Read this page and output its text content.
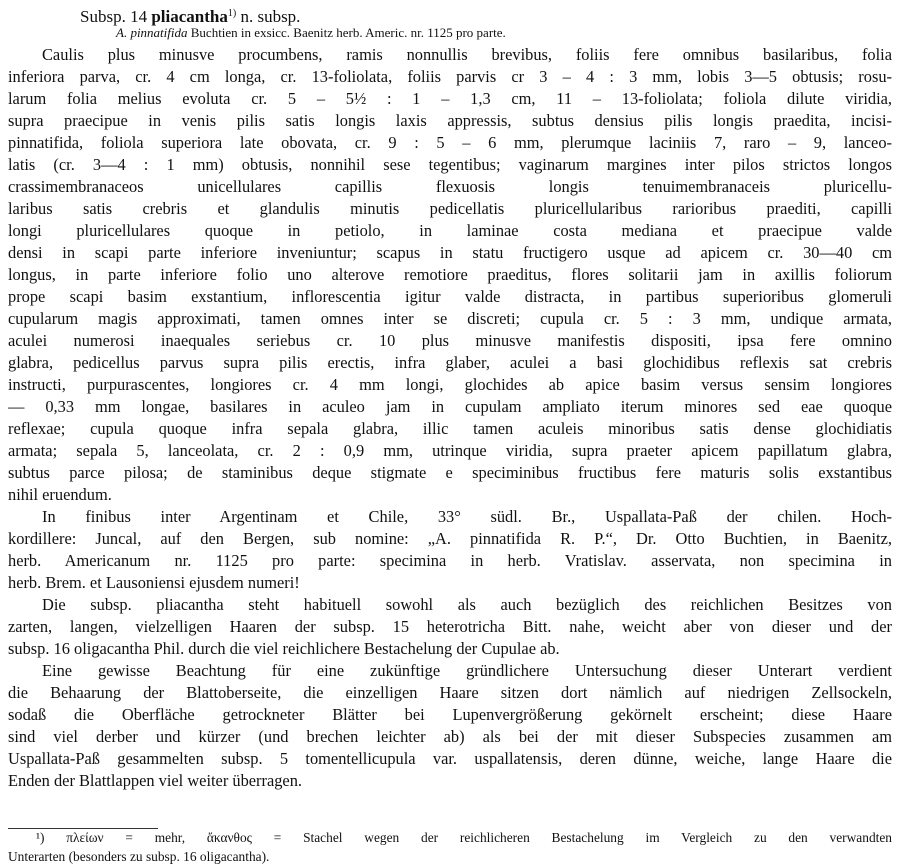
Subsp. 14 pliacantha$^{1)}$ n. subsp.
A. pinnatifida Buchtien in exsicc. Baenitz herb. Americ. nr. 1125 pro parte.
Caulis plus minusve procumbens, ramis nonnullis brevibus, foliis fere omnibus basilaribus, folia
inferiora parva, cr. 4 cm longa, cr. 13-foliolata, foliis parvis cr 3 – 4 : 3 mm, lobis 3—5 obtusis; rosu-
larum folia melius evoluta cr. 5 – 5½ : 1 – 1,3 cm, 11 – 13-foliolata; foliola dilute viridia,
supra praecipue in venis pilis satis longis laxis appressis, subtus densius pilis longis praedita, incisi-
pinnatifida, foliola superiora late obovata, cr. 9 : 5 – 6 mm, plerumque laciniis 7, raro – 9, lanceo-
latis (cr. 3—4 : 1 mm) obtusis, nonnihil sese tegentibus; vaginarum margines inter pilos strictos longos
crassimembranaceos unicellulares capillis flexuosis longis tenuimembranaceis pluricellu-
laribus satis crebris et glandulis minutis pedicellatis pluricellularibus rarioribus praediti, capilli
longi pluricellulares quoque in petiolo, in laminae costa mediana et praecipue valde
densi in scapi parte inferiore inveniuntur; scapus in statu fructigero usque ad apicem cr. 30—40 cm
longus, in parte inferiore folio uno alterove remotiore praeditus, flores solitarii jam in axillis foliorum
prope scapi basim exstantium, inflorescentia igitur valde distracta, in partibus superioribus glomeruli
cupularum magis approximati, tamen omnes inter se discreti; cupula cr. 5 : 3 mm, undique armata,
aculei numerosi inaequales seriebus cr. 10 plus minusve manifestis dispositi, ipsa fere omnino
glabra, pedicellus parvus supra pilis erectis, infra glaber, aculei a basi glochidibus reflexis sat crebris
instructi, purpurascentes, longiores cr. 4 mm longi, glochides ab apice basim versus sensim longiores
— 0,33 mm longae, basilares in aculeo jam in cupulam ampliato iterum minores sed eae quoque
reflexae; cupula quoque infra sepala glabra, illic tamen aculeis minoribus satis dense glochidiatis
armata; sepala 5, lanceolata, cr. 2 : 0,9 mm, utrinque viridia, supra praeter apicem papillatum glabra,
subtus parce pilosa; de staminibus deque stigmate e speciminibus fructibus fere maturis solis exstantibus
nihil eruendum.
In finibus inter Argentinam et Chile, 33° südl. Br., Uspallata-Paß der chilen. Hoch-
kordillere: Juncal, auf den Bergen, sub nomine: „A. pinnatifida R. P.“, Dr. Otto Buchtien, in Baenitz,
herb. Americanum nr. 1125 pro parte: specimina in herb. Vratislav. asservata, non specimina in
herb. Brem. et Lausoniensi ejusdem numeri!
Die subsp. pliacantha steht habituell sowohl als auch bezüglich des reichlichen Besitzes von
zarten, langen, vielzelligen Haaren der subsp. 15 heterotricha Bitt. nahe, weicht aber von dieser und der
subsp. 16 oligacantha Phil. durch die viel reichlichere Bestachelung der Cupulae ab.
Eine gewisse Beachtung für eine zukünftige gründlichere Untersuchung dieser Unterart verdient
die Behaarung der Blattoberseite, die einzelligen Haare sitzen dort nämlich auf niedrigen Zellsockeln,
sodaß die Oberfläche getrockneter Blätter bei Lupenvergrößerung gekörnelt erscheint; diese Haare
sind viel derber und kürzer (und brechen leichter ab) als bei der mit dieser Subspecies zusammen am
Uspallata-Paß gesammelten subsp. 5 tomentellicupula var. uspallatensis, deren dünne, weiche, lange Haare die
Enden der Blattlappen viel weiter überragen.
¹) πλείων = mehr, ἄκανθος = Stachel wegen der reichlicheren Bestachelung im Vergleich zu den verwandten
Unterarten (besonders zu subsp. 16 oligacantha).
